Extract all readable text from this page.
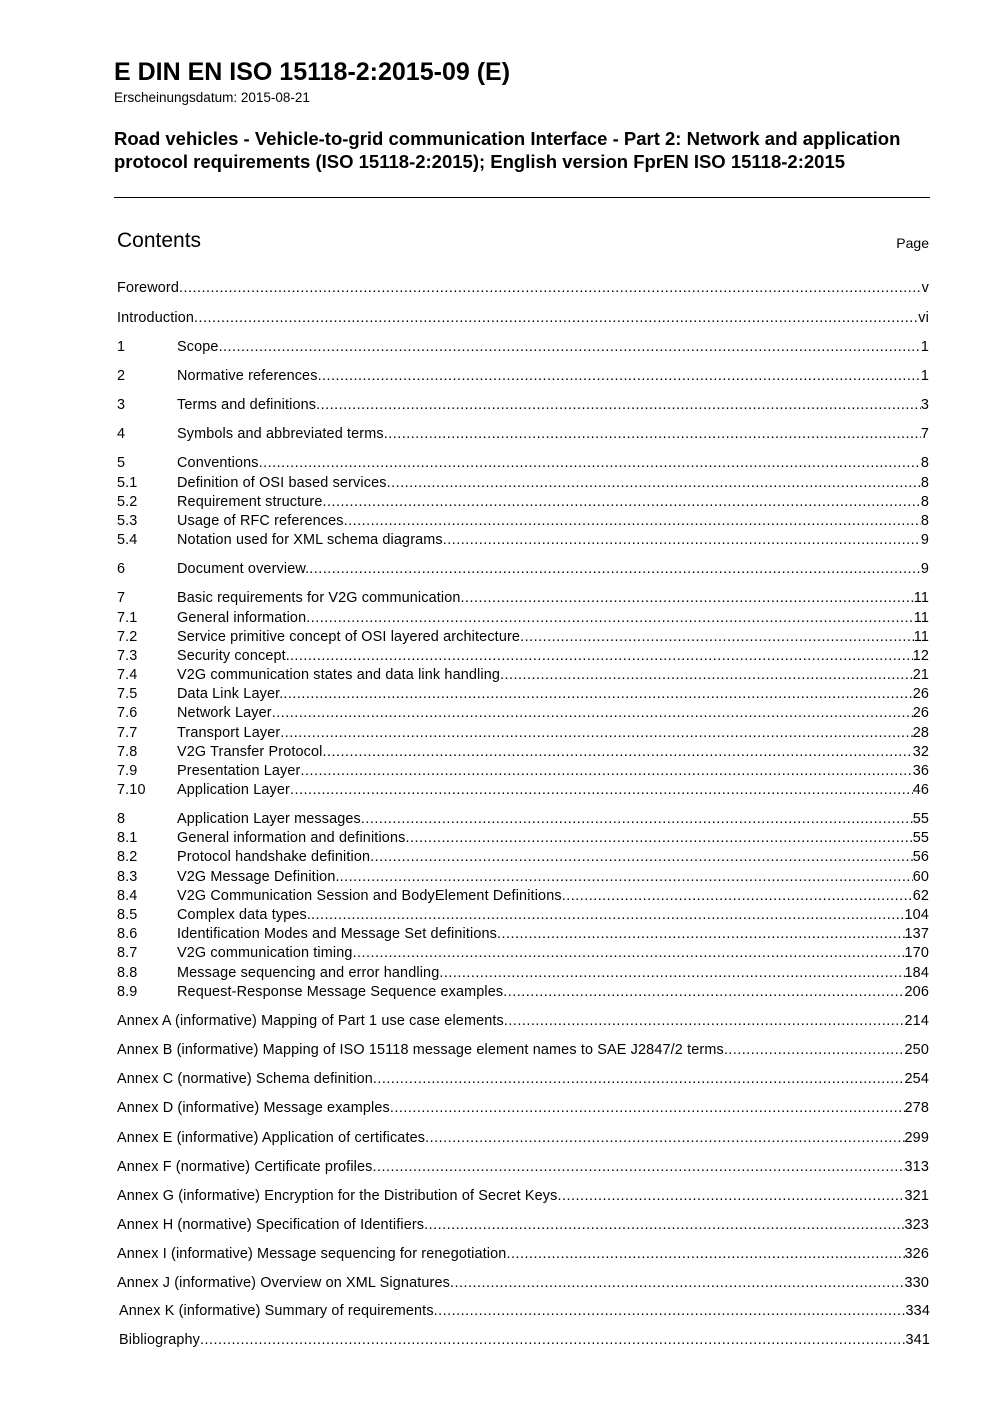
E DIN EN ISO 15118-2:2015-09 (E)
Erscheinungsdatum: 2015-08-21
Road vehicles - Vehicle-to-grid communication Interface - Part 2: Network and application protocol requirements (ISO 15118-2:2015); English version FprEN ISO 15118-2:2015
Contents	Page
Foreword .....	v
Introduction .....	vi
1	Scope .....	1
2	Normative references .....	1
3	Terms and definitions .....	3
4	Symbols and abbreviated terms .....	7
5	Conventions .....	8
5.1	Definition of OSI based services .....	8
5.2	Requirement structure .....	8
5.3	Usage of RFC references .....	8
5.4	Notation used for XML schema diagrams .....	9
6	Document overview. .....	9
7	Basic requirements for V2G communication .....	11
7.1	General information .....	11
7.2	Service primitive concept of OSI layered architecture .....	11
7.3	Security concept. .....	12
7.4	V2G communication states and data link handling .....	21
7.5	Data Link Layer. .....	26
7.6	Network Layer .....	26
7.7	Transport Layer .....	28
7.8	V2G Transfer Protocol .....	32
7.9	Presentation Layer .....	36
7.10	Application Layer .....	46
8	Application Layer messages .....	55
8.1	General information and definitions .....	55
8.2	Protocol handshake definition .....	56
8.3	V2G Message Definition. .....	60
8.4	V2G Communication Session and BodyElement Definitions .....	62
8.5	Complex data types. .....	104
8.6	Identification Modes and Message Set definitions .....	137
8.7	V2G communication timing .....	170
8.8	Message sequencing and error handling .....	184
8.9	Request-Response Message Sequence examples .....	206
Annex A (informative) Mapping of Part 1 use case elements .....	214
Annex B (informative) Mapping of ISO 15118 message element names to SAE J2847/2 terms .....	250
Annex C (normative) Schema definition .....	254
Annex D (informative) Message examples .....	278
Annex E (informative) Application of certificates .....	299
Annex F (normative) Certificate profiles .....	313
Annex G (informative) Encryption for the Distribution of Secret Keys .....	321
Annex H (normative) Specification of Identifiers .....	323
Annex I (informative) Message sequencing for renegotiation .....	326
Annex J (informative) Overview on XML Signatures .....	330
Annex K (informative) Summary of requirements .....	334
Bibliography .....	341
